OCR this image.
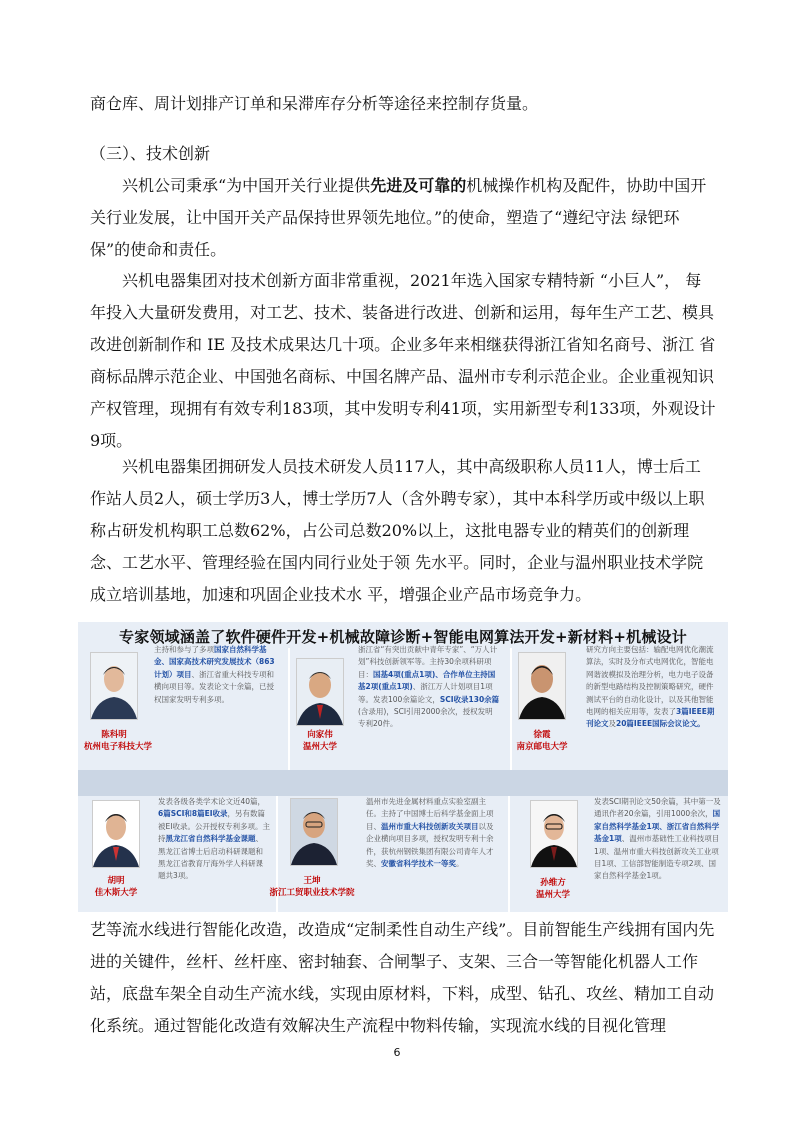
商仓库、周计划排产订单和呆滞库存分析等途径来控制存货量。

（三）、技术创新

兴机公司秉承“为中国开关行业提供先进及可靠的机械操作机构及配件，协助中国开关行业发展，让中国开关产品保持世界领先地位。”的使命，塑造了“遵纪守法 绿钯环保”的使命和责任。

兴机电器集团对技术创新方面非常重视，2021年选入国家专精特新 “小巨人”， 每年投入大量研发费用，对工艺、技术、装备进行改进、创新和运用，每年生产工艺、模具改进创新制作和 IE 及技术成果达几十项。企业多年来相继获得浙江省知名商号、浙江 省商标品牌示范企业、中国弛名商标、中国名牌产品、温州市专利示范企业。企业重视知识产权管理，现拥有有效专利183项，其中发明专利41项，实用新型专利133项，外观设计9项。

兴机电器集团拥研发人员技术研发人员117人，其中高级职称人员11人，博士后工作站人员2人，硕士学历3人，博士学历7人（含外聘专家），其中本科学历或中级以上职称占研发机构职工总数62%，占公司总数20%以上，这批电器专业的精英们的创新理念、工艺水平、管理经验在国内同行业处于领 先水平。同时，企业与温州职业技术学院成立培训基地，加速和巩固企业技术水 平，增强企业产品市场竞争力。

专家领域涵盖了软件硬件开发+机械故障诊断+智能电网算法开发+新材料+机械设计
陈科明
杭州电子科技大学
主持和参与了多项国家自然科学基金、国家高技术研究发展技术（863计划）项目、浙江省重大科技专项和横向项目等。发表论文十余篇，已授权国家发明专利多项。
向家伟
温州大学
浙江省“有突出贡献中青年专家”、“万人计划”科技创新领军等。主持30余项科研项目：国基4项(重点1项)、合作单位主持国基2项(重点1项)、浙江万人计划项目1项等。发表100余篇论文，SCI收录130余篇(含录用)，SCI引用2000余次，授权发明专利20件。
徐霞
南京邮电大学
研究方向主要包括：输配电网优化潮流算法，实时及分布式电网优化，智能电网谐波模拟及治理分析，电力电子设备的新型电路结构及控制策略研究，硬件测试平台的自动化设计，以及其他智能电网的相关应用等，发表了3篇IEEE期刊论文及20篇IEEE国际会议论文。
胡明
佳木斯大学
发表各级各类学术论文近40篇，6篇SCI和8篇EI收录，另有数篇被EI收录。公开授权专利多项。主持黑龙江省自然科学基金课题、黑龙江省博士后启动科研课题和黑龙江省教育厅海外学人科研课题共3项。
王坤
浙江工贸职业技术学院
温州市先进金属材料重点实验室副主任。主持了中国博士后科学基金面上项目、温州市重大科技创新攻关项目以及企业横向项目多项，授权发明专利十余件，获杭州钢铁集团有限公司青年人才奖、安徽省科学技术一等奖。
孙维方
温州大学
发表SCI期刊论文50余篇，其中第一及通讯作者20余篇，引用1000余次，国家自然科学基金1项、浙江省自然科学基金1项、温州市基础性工业科技项目1项、温州市重大科技创新攻关工业项目1项、工信部智能制造专项2项、国家自然科学基金1项。

艺等流水线进行智能化改造，改造成“定制柔性自动生产线”。目前智能生产线拥有国内先进的关键件，丝杆、丝杆座、密封轴套、合闸掣子、支架、三合一等智能化机器人工作站，底盘车架全自动生产流水线，实现由原材料，下料，成型、钻孔、攻丝、精加工自动化系统。通过智能化改造有效解决生产流程中物料传输，实现流水线的目视化管理

6
